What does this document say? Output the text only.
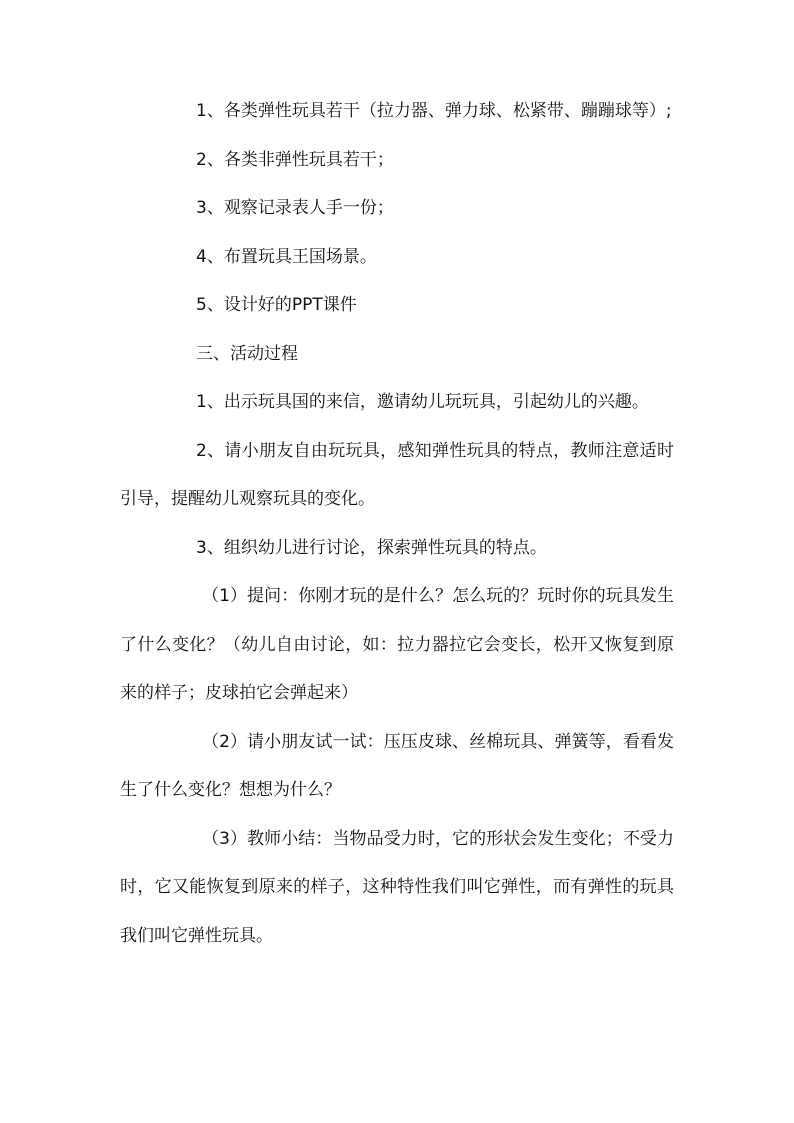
1、各类弹性玩具若干（拉力器、弹力球、松紧带、蹦蹦球等）;

2、各类非弹性玩具若干；

3、观察记录表人手一份；

4、布置玩具王国场景。

5、设计好的PPT课件

三、活动过程

1、出示玩具国的来信，邀请幼儿玩玩具，引起幼儿的兴趣。

2、请小朋友自由玩玩具，感知弹性玩具的特点，教师注意适时引导，提醒幼儿观察玩具的变化。

3、组织幼儿进行讨论，探索弹性玩具的特点。

（1）提问：你刚才玩的是什么？怎么玩的？玩时你的玩具发生了什么变化？（幼儿自由讨论，如：拉力器拉它会变长，松开又恢复到原来的样子；皮球拍它会弹起来）

（2）请小朋友试一试：压压皮球、丝棉玩具、弹簧等，看看发生了什么变化？想想为什么？

（3）教师小结：当物品受力时，它的形状会发生变化；不受力时，它又能恢复到原来的样子，这种特性我们叫它弹性，而有弹性的玩具我们叫它弹性玩具。
